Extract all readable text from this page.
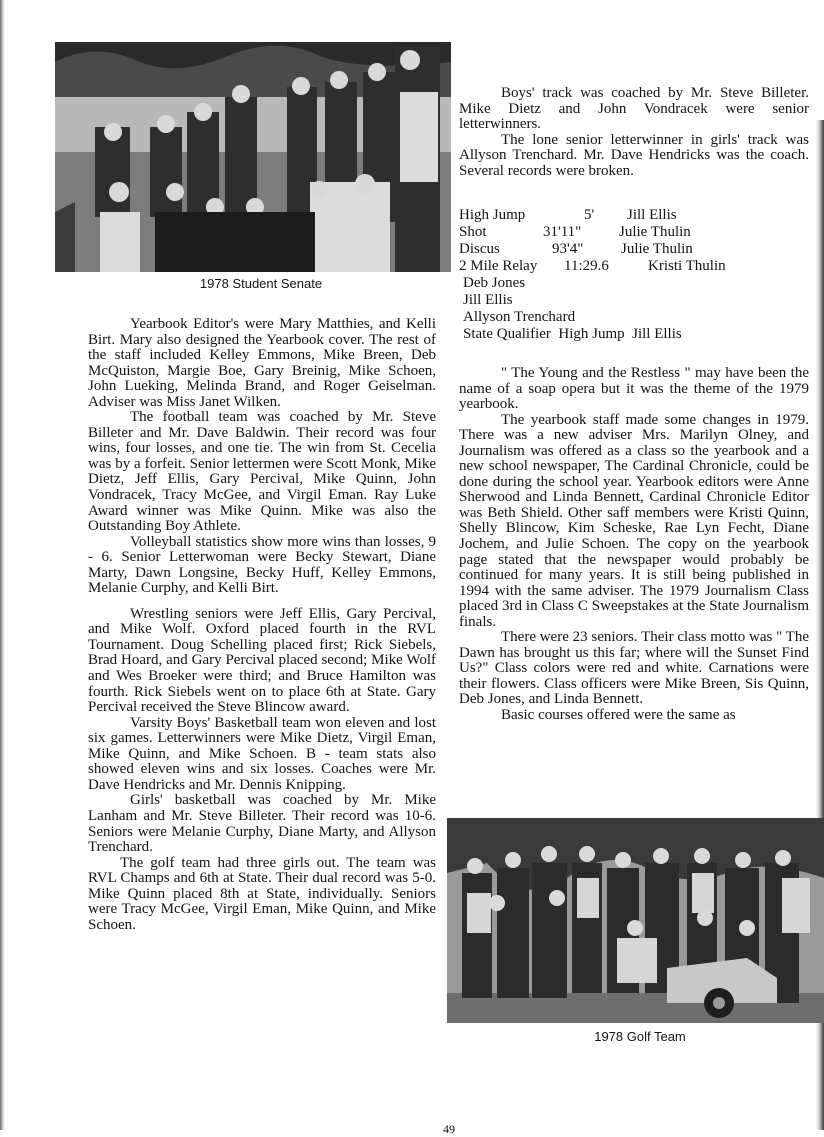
1978 Student Senate

Yearbook Editor's were Mary Matthies, and Kelli Birt. Mary also designed the Yearbook cover. The rest of the staff included Kelley Emmons, Mike Breen, Deb McQuiston, Margie Boe, Gary Breinig, Mike Schoen, John Lueking, Melinda Brand, and Roger Geiselman. Adviser was Miss Janet Wilken.

The football team was coached by Mr. Steve Billeter and Mr. Dave Baldwin. Their record was four wins, four losses, and one tie. The win from St. Cecelia was by a forfeit. Senior lettermen were Scott Monk, Mike Dietz, Jeff Ellis, Gary Percival, Mike Quinn, John Vondracek, Tracy McGee, and Virgil Eman. Ray Luke Award winner was Mike Quinn. Mike was also the Outstanding Boy Athlete.

Volleyball statistics show more wins than losses, 9 - 6. Senior Letterwoman were Becky Stewart, Diane Marty, Dawn Longsine, Becky Huff, Kelley Emmons, Melanie Curphy, and Kelli Birt.

Wrestling seniors were Jeff Ellis, Gary Percival, and Mike Wolf. Oxford placed fourth in the RVL Tournament. Doug Schelling placed first; Rick Siebels, Brad Hoard, and Gary Percival placed second; Mike Wolf and Wes Broeker were third; and Bruce Hamilton was fourth. Rick Siebels went on to place 6th at State. Gary Percival received the Steve Blincow award.

Varsity Boys' Basketball team won eleven and lost six games. Letterwinners were Mike Dietz, Virgil Eman, Mike Quinn, and Mike Schoen. B - team stats also showed eleven wins and six losses. Coaches were Mr. Dave Hendricks and Mr. Dennis Knipping.

Girls' basketball was coached by Mr. Mike Lanham and Mr. Steve Billeter. Their record was 10-6. Seniors were Melanie Curphy, Diane Marty, and Allyson Trenchard.

The golf team had three girls out. The team was RVL Champs and 6th at State. Their dual record was 5-0. Mike Quinn placed 8th at State, individually. Seniors were Tracy McGee, Virgil Eman, Mike Quinn, and Mike Schoen.

Boys' track was coached by Mr. Steve Billeter. Mike Dietz and John Vondracek were senior letterwinners.

The lone senior letterwinner in girls' track was Allyson Trenchard. Mr. Dave Hendricks was the coach. Several records were broken.

High Jump	5' Jill Ellis
Shot	31'11"	Julie Thulin
Discus	93'4"	Julie Thulin
2 Mile Relay 11:29.6	Kristi Thulin
Deb Jones
Jill Ellis
Allyson Trenchard
State Qualifier  High Jump  Jill Ellis

" The Young and the Restless " may have been the name of a soap opera but it was the theme of the 1979 yearbook.

The yearbook staff made some changes in 1979. There was a new adviser Mrs. Marilyn Olney, and Journalism was offered as a class so the yearbook and a new school newspaper, The Cardinal Chronicle, could be done during the school year. Yearbook editors were Anne Sherwood and Linda Bennett, Cardinal Chronicle Editor was Beth Shield. Other saff members were Kristi Quinn, Shelly Blincow, Kim Scheske, Rae Lyn Fecht, Diane Jochem, and Julie Schoen. The copy on the yearbook page stated that the newspaper would probably be continued for many years. It is still being published in 1994 with the same adviser. The 1979 Journalism Class placed 3rd in Class C Sweepstakes at the State Journalism finals.

There were 23 seniors. Their class motto was " The Dawn has brought us this far; where will the Sunset Find Us?" Class colors were red and white. Carnations were their flowers. Class officers were Mike Breen, Sis Quinn, Deb Jones, and Linda Bennett.

Basic courses offered were the same as

1978 Golf Team
49
